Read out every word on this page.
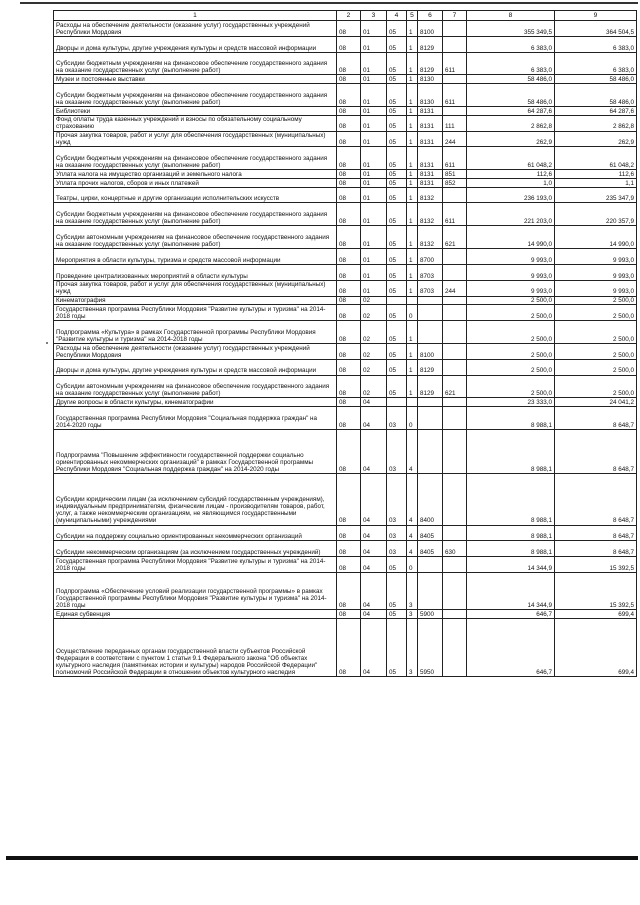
1	2	3	4	5	6	7	8	9
Расходы на обеспечение деятельности (оказание услуг) государственных учреждений Республики Мордовия	08	01	05	1	8100		355 349,5	364 504,5
Дворцы и дома культуры, другие учреждения культуры и средств массовой информации	08	01	05	1	8129		6 383,0	6 383,0
Субсидии бюджетным учреждениям на финансовое обеспечение государственного задания на оказание государственных услуг (выполнение работ)	08	01	05	1	8129	611	6 383,0	6 383,0
Музеи и постоянные выставки	08	01	05	1	8130		58 486,0	58 486,0
Субсидии бюджетным учреждениям на финансовое обеспечение государственного задания на оказание государственных услуг (выполнение работ)	08	01	05	1	8130	611	58 486,0	58 486,0
Библиотеки	08	01	05	1	8131		64 287,6	64 287,6
Фонд оплаты труда казенных учреждений и взносы по обязательному социальному страхованию	08	01	05	1	8131	111	2 862,8	2 862,8
Прочая закупка товаров, работ и услуг для обеспечения государственных (муниципальных) нужд	08	01	05	1	8131	244	262,9	262,9
Субсидии бюджетным учреждениям на финансовое обеспечение государственного задания на оказание государственных услуг (выполнение работ)	08	01	05	1	8131	611	61 048,2	61 048,2
Уплата налога на имущество организаций и земельного налога	08	01	05	1	8131	851	112,6	112,6
Уплата прочих налогов, сборов и иных платежей	08	01	05	1	8131	852	1,0	1,1
Театры, цирки, концертные и другие организации исполнительских искусств	08	01	05	1	8132		236 193,0	235 347,9
Субсидии бюджетным учреждениям на финансовое обеспечение государственного задания на оказание государственных услуг (выполнение работ)	08	01	05	1	8132	611	221 203,0	220 357,9
Субсидии автономным учреждениям на финансовое обеспечение государственного задания на оказание государственных услуг (выполнение работ)	08	01	05	1	8132	621	14 990,0	14 990,0
Мероприятия в области культуры, туризма и средств массовой информации	08	01	05	1	8700		9 993,0	9 993,0
Проведение централизованных мероприятий в области культуры	08	01	05	1	8703		9 993,0	9 993,0
Прочая закупка товаров, работ и услуг для обеспечения государственных (муниципальных) нужд	08	01	05	1	8703	244	9 993,0	9 993,0
Кинематография	08	02					2 500,0	2 500,0
Государственная программа Республики Мордовия "Развитие культуры и туризма" на 2014-2018 годы	08	02	05	0			2 500,0	2 500,0
Подпрограмма «Культура» в рамках Государственной программы Республики Мордовия "Развитие культуры и туризма" на 2014-2018 годы	08	02	05	1			2 500,0	2 500,0
Расходы на обеспечение деятельности (оказание услуг) государственных учреждений Республики Мордовия	08	02	05	1	8100		2 500,0	2 500,0
Дворцы и дома культуры, другие учреждения культуры и средств массовой информации	08	02	05	1	8129		2 500,0	2 500,0
Субсидии автономным учреждениям на финансовое обеспечение государственного задания на оказание государственных услуг (выполнение работ)	08	02	05	1	8129	621	2 500,0	2 500,0
Другие вопросы в области культуры, кинематографии	08	04					23 333,0	24 041,2
Государственная программа Республики Мордовия "Социальная поддержка граждан" на 2014-2020 годы	08	04	03	0			8 988,1	8 648,7
Подпрограмма "Повышение эффективности государственной поддержки социально ориентированных некоммерческих организаций" в рамках Государственной программы Республики Мордовия "Социальная поддержка граждан" на 2014-2020 годы	08	04	03	4			8 988,1	8 648,7
Субсидии юридическим лицам (за исключением субсидий государственным учреждениям), индивидуальным предпринимателям, физическим лицам - производителям товаров, работ, услуг, а также некоммерческим организациям, не являющимся государственными (муниципальными) учреждениями	08	04	03	4	8400		8 988,1	8 648,7
Субсидии на поддержку социально ориентированных некоммерческих организаций	08	04	03	4	8405		8 988,1	8 648,7
Субсидии некоммерческим организациям (за исключением государственных учреждений)	08	04	03	4	8405	630	8 988,1	8 648,7
Государственная программа Республики Мордовия "Развитие культуры и туризма" на 2014-2018 годы	08	04	05	0			14 344,9	15 392,5
Подпрограмма «Обеспечение условий реализации государственной программы» в рамках Государственной программы Республики Мордовия "Развитие культуры и туризма" на 2014-2018 годы	08	04	05	3			14 344,9	15 392,5
Единая субвенция	08	04	05	3	5900		646,7	699,4
Осуществление переданных органам государственной власти субъектов Российской Федерации в соответствии с пунктом 1 статьи 9.1 Федерального закона "Об объектах культурного наследия (памятниках истории и культуры) народов Российской Федерации" полномочий Российской Федерации в отношении объектов культурного наследия	08	04	05	3	5950		646,7	699,4
